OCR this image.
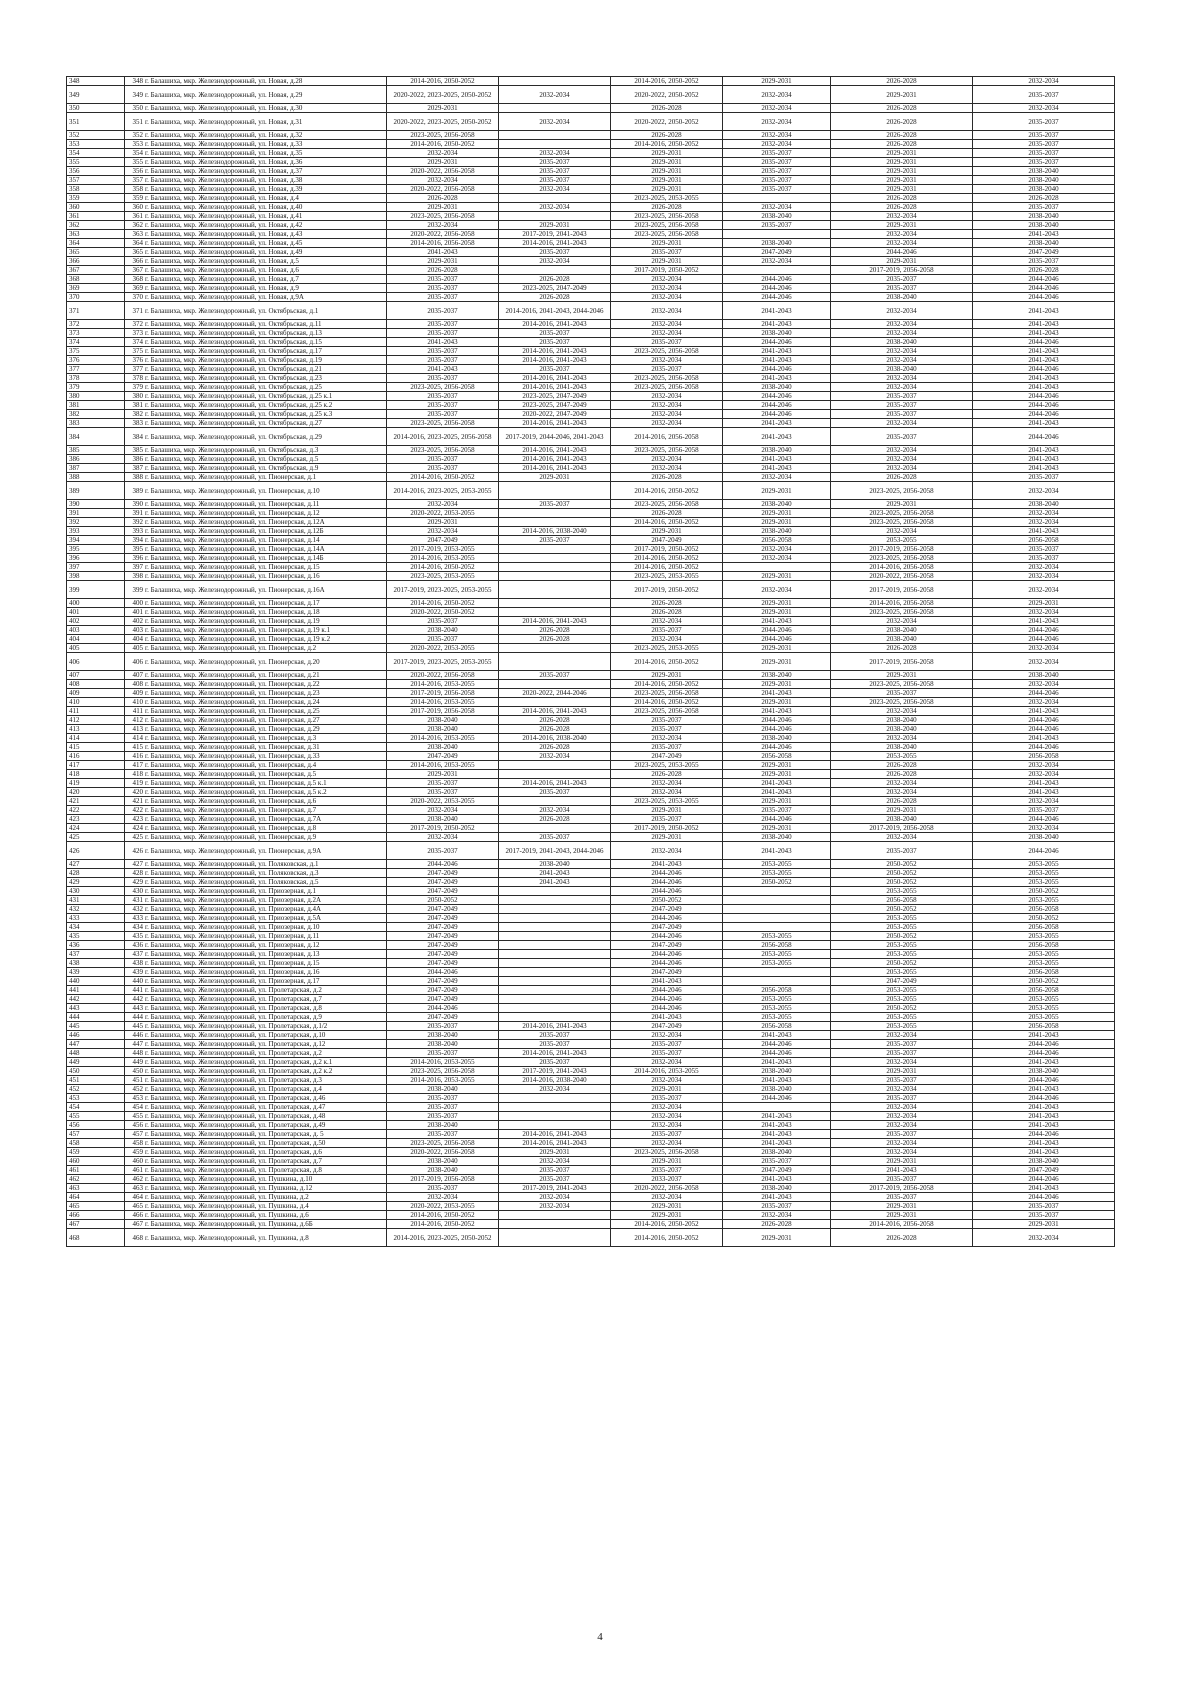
348	348 г. Балашиха, мкр. Железнодорожный, ул. Новая, д.28	2014-2016, 2050-2052		2014-2016, 2050-2052	2029-2031	2026-2028	2032-2034
349	349 г. Балашиха, мкр. Железнодорожный, ул. Новая, д.29	2020-2022, 2023-2025, 2050-2052	2032-2034	2020-2022, 2050-2052	2032-2034	2029-2031	2035-2037
350	350 г. Балашиха, мкр. Железнодорожный, ул. Новая, д.30	2029-2031		2026-2028	2032-2034	2026-2028	2032-2034
351	351 г. Балашиха, мкр. Железнодорожный, ул. Новая, д.31	2020-2022, 2023-2025, 2050-2052	2032-2034	2020-2022, 2050-2052	2032-2034	2026-2028	2035-2037
352	352 г. Балашиха, мкр. Железнодорожный, ул. Новая, д.32	2023-2025, 2056-2058		2026-2028	2032-2034	2026-2028	2035-2037
353	353 г. Балашиха, мкр. Железнодорожный, ул. Новая, д.33	2014-2016, 2050-2052		2014-2016, 2050-2052	2032-2034	2026-2028	2035-2037
354	354 г. Балашиха, мкр. Железнодорожный, ул. Новая, д.35	2032-2034	2032-2034	2029-2031	2035-2037	2029-2031	2035-2037
355	355 г. Балашиха, мкр. Железнодорожный, ул. Новая, д.36	2029-2031	2035-2037	2029-2031	2035-2037	2029-2031	2035-2037
356	356 г. Балашиха, мкр. Железнодорожный, ул. Новая, д.37	2020-2022, 2056-2058	2035-2037	2029-2031	2035-2037	2029-2031	2038-2040
357	357 г. Балашиха, мкр. Железнодорожный, ул. Новая, д.38	2032-2034	2035-2037	2029-2031	2035-2037	2029-2031	2038-2040
358	358 г. Балашиха, мкр. Железнодорожный, ул. Новая, д.39	2020-2022, 2056-2058	2032-2034	2029-2031	2035-2037	2029-2031	2038-2040
359	359 г. Балашиха, мкр. Железнодорожный, ул. Новая, д.4	2026-2028		2023-2025, 2053-2055		2026-2028	2026-2028
360	360 г. Балашиха, мкр. Железнодорожный, ул. Новая, д.40	2029-2031	2032-2034	2026-2028	2032-2034	2026-2028	2035-2037
361	361 г. Балашиха, мкр. Железнодорожный, ул. Новая, д.41	2023-2025, 2056-2058		2023-2025, 2056-2058	2038-2040	2032-2034	2038-2040
362	362 г. Балашиха, мкр. Железнодорожный, ул. Новая, д.42	2032-2034	2029-2031	2023-2025, 2056-2058	2035-2037	2029-2031	2038-2040
363	363 г. Балашиха, мкр. Железнодорожный, ул. Новая, д.43	2020-2022, 2056-2058	2017-2019, 2041-2043	2023-2025, 2056-2058		2032-2034	2041-2043
364	364 г. Балашиха, мкр. Железнодорожный, ул. Новая, д.45	2014-2016, 2056-2058	2014-2016, 2041-2043	2029-2031	2038-2040	2032-2034	2038-2040
365	365 г. Балашиха, мкр. Железнодорожный, ул. Новая, д.49	2041-2043	2035-2037	2035-2037	2047-2049	2044-2046	2047-2049
366	366 г. Балашиха, мкр. Железнодорожный, ул. Новая, д.5	2029-2031	2032-2034	2029-2031	2032-2034	2029-2031	2035-2037
367	367 г. Балашиха, мкр. Железнодорожный, ул. Новая, д.6	2026-2028		2017-2019, 2050-2052		2017-2019, 2056-2058	2026-2028
368	368 г. Балашиха, мкр. Железнодорожный, ул. Новая, д.7	2035-2037	2026-2028	2032-2034	2044-2046	2035-2037	2044-2046
369	369 г. Балашиха, мкр. Железнодорожный, ул. Новая, д.9	2035-2037	2023-2025, 2047-2049	2032-2034	2044-2046	2035-2037	2044-2046
370	370 г. Балашиха, мкр. Железнодорожный, ул. Новая, д.9А	2035-2037	2026-2028	2032-2034	2044-2046	2038-2040	2044-2046
371	371 г. Балашиха, мкр. Железнодорожный, ул. Октябрьская, д.1	2035-2037	2014-2016, 2041-2043, 2044-2046	2032-2034	2041-2043	2032-2034	2041-2043
372	372 г. Балашиха, мкр. Железнодорожный, ул. Октябрьская, д.11	2035-2037	2014-2016, 2041-2043	2032-2034	2041-2043	2032-2034	2041-2043
373	373 г. Балашиха, мкр. Железнодорожный, ул. Октябрьская, д.13	2035-2037	2035-2037	2032-2034	2038-2040	2032-2034	2041-2043
374	374 г. Балашиха, мкр. Железнодорожный, ул. Октябрьская, д.15	2041-2043	2035-2037	2035-2037	2044-2046	2038-2040	2044-2046
375	375 г. Балашиха, мкр. Железнодорожный, ул. Октябрьская, д.17	2035-2037	2014-2016, 2041-2043	2023-2025, 2056-2058	2041-2043	2032-2034	2041-2043
376	376 г. Балашиха, мкр. Железнодорожный, ул. Октябрьская, д.19	2035-2037	2014-2016, 2041-2043	2032-2034	2041-2043	2032-2034	2041-2043
377	377 г. Балашиха, мкр. Железнодорожный, ул. Октябрьская, д.21	2041-2043	2035-2037	2035-2037	2044-2046	2038-2040	2044-2046
378	378 г. Балашиха, мкр. Железнодорожный, ул. Октябрьская, д.23	2035-2037	2014-2016, 2041-2043	2023-2025, 2056-2058	2041-2043	2032-2034	2041-2043
379	379 г. Балашиха, мкр. Железнодорожный, ул. Октябрьская, д.25	2023-2025, 2056-2058	2014-2016, 2041-2043	2023-2025, 2056-2058	2038-2040	2032-2034	2041-2043
380	380 г. Балашиха, мкр. Железнодорожный, ул. Октябрьская, д.25 к.1	2035-2037	2023-2025, 2047-2049	2032-2034	2044-2046	2035-2037	2044-2046
381	381 г. Балашиха, мкр. Железнодорожный, ул. Октябрьская, д.25 к.2	2035-2037	2023-2025, 2047-2049	2032-2034	2044-2046	2035-2037	2044-2046
382	382 г. Балашиха, мкр. Железнодорожный, ул. Октябрьская, д.25 к.3	2035-2037	2020-2022, 2047-2049	2032-2034	2044-2046	2035-2037	2044-2046
383	383 г. Балашиха, мкр. Железнодорожный, ул. Октябрьская, д.27	2023-2025, 2056-2058	2014-2016, 2041-2043	2032-2034	2041-2043	2032-2034	2041-2043
384	384 г. Балашиха, мкр. Железнодорожный, ул. Октябрьская, д.29	2014-2016, 2023-2025, 2056-2058	2017-2019, 2044-2046, 2041-2043	2014-2016, 2056-2058	2041-2043	2035-2037	2044-2046
385	385 г. Балашиха, мкр. Железнодорожный, ул. Октябрьская, д.3	2023-2025, 2056-2058	2014-2016, 2041-2043	2023-2025, 2056-2058	2038-2040	2032-2034	2041-2043
386	386 г. Балашиха, мкр. Железнодорожный, ул. Октябрьская, д.5	2035-2037	2014-2016, 2041-2043	2032-2034	2041-2043	2032-2034	2041-2043
387	387 г. Балашиха, мкр. Железнодорожный, ул. Октябрьская, д.9	2035-2037	2014-2016, 2041-2043	2032-2034	2041-2043	2032-2034	2041-2043
388	388 г. Балашиха, мкр. Железнодорожный, ул. Пионерская, д.1	2014-2016, 2050-2052	2029-2031	2026-2028	2032-2034	2026-2028	2035-2037
389	389 г. Балашиха, мкр. Железнодорожный, ул. Пионерская, д.10	2014-2016, 2023-2025, 2053-2055		2014-2016, 2050-2052	2029-2031	2023-2025, 2056-2058	2032-2034
390	390 г. Балашиха, мкр. Железнодорожный, ул. Пионерская, д.11	2032-2034	2035-2037	2023-2025, 2056-2058	2038-2040	2029-2031	2038-2040
391	391 г. Балашиха, мкр. Железнодорожный, ул. Пионерская, д.12	2020-2022, 2053-2055		2026-2028	2029-2031	2023-2025, 2056-2058	2032-2034
392	392 г. Балашиха, мкр. Железнодорожный, ул. Пионерская, д.12А	2029-2031		2014-2016, 2050-2052	2029-2031	2023-2025, 2056-2058	2032-2034
393	393 г. Балашиха, мкр. Железнодорожный, ул. Пионерская, д.12Б	2032-2034	2014-2016, 2038-2040	2029-2031	2038-2040	2032-2034	2041-2043
394	394 г. Балашиха, мкр. Железнодорожный, ул. Пионерская, д.14	2047-2049	2035-2037	2047-2049	2056-2058	2053-2055	2056-2058
395	395 г. Балашиха, мкр. Железнодорожный, ул. Пионерская, д.14А	2017-2019, 2053-2055		2017-2019, 2050-2052	2032-2034	2017-2019, 2056-2058	2035-2037
396	396 г. Балашиха, мкр. Железнодорожный, ул. Пионерская, д.14Б	2014-2016, 2053-2055		2014-2016, 2050-2052	2032-2034	2023-2025, 2056-2058	2035-2037
397	397 г. Балашиха, мкр. Железнодорожный, ул. Пионерская, д.15	2014-2016, 2050-2052		2014-2016, 2050-2052		2014-2016, 2056-2058	2032-2034
398	398 г. Балашиха, мкр. Железнодорожный, ул. Пионерская, д.16	2023-2025, 2053-2055		2023-2025, 2053-2055	2029-2031	2020-2022, 2056-2058	2032-2034
399	399 г. Балашиха, мкр. Железнодорожный, ул. Пионерская, д.16А	2017-2019, 2023-2025, 2053-2055		2017-2019, 2050-2052	2032-2034	2017-2019, 2056-2058	2032-2034
400	400 г. Балашиха, мкр. Железнодорожный, ул. Пионерская, д.17	2014-2016, 2050-2052		2026-2028	2029-2031	2014-2016, 2056-2058	2029-2031
401	401 г. Балашиха, мкр. Железнодорожный, ул. Пионерская, д.18	2020-2022, 2050-2052		2026-2028	2029-2031	2023-2025, 2056-2058	2032-2034
402	402 г. Балашиха, мкр. Железнодорожный, ул. Пионерская, д.19	2035-2037	2014-2016, 2041-2043	2032-2034	2041-2043	2032-2034	2041-2043
403	403 г. Балашиха, мкр. Железнодорожный, ул. Пионерская, д.19 к.1	2038-2040	2026-2028	2035-2037	2044-2046	2038-2040	2044-2046
404	404 г. Балашиха, мкр. Железнодорожный, ул. Пионерская, д.19 к.2	2035-2037	2026-2028	2032-2034	2044-2046	2038-2040	2044-2046
405	405 г. Балашиха, мкр. Железнодорожный, ул. Пионерская, д.2	2020-2022, 2053-2055		2023-2025, 2053-2055	2029-2031	2026-2028	2032-2034
406	406 г. Балашиха, мкр. Железнодорожный, ул. Пионерская, д.20	2017-2019, 2023-2025, 2053-2055		2014-2016, 2050-2052	2029-2031	2017-2019, 2056-2058	2032-2034
407	407 г. Балашиха, мкр. Железнодорожный, ул. Пионерская, д.21	2020-2022, 2056-2058	2035-2037	2029-2031	2038-2040	2029-2031	2038-2040
408	408 г. Балашиха, мкр. Железнодорожный, ул. Пионерская, д.22	2014-2016, 2053-2055		2014-2016, 2050-2052	2029-2031	2023-2025, 2056-2058	2032-2034
409	409 г. Балашиха, мкр. Железнодорожный, ул. Пионерская, д.23	2017-2019, 2056-2058	2020-2022, 2044-2046	2023-2025, 2056-2058	2041-2043	2035-2037	2044-2046
410	410 г. Балашиха, мкр. Железнодорожный, ул. Пионерская, д.24	2014-2016, 2053-2055		2014-2016, 2050-2052	2029-2031	2023-2025, 2056-2058	2032-2034
411	411 г. Балашиха, мкр. Железнодорожный, ул. Пионерская, д.25	2017-2019, 2056-2058	2014-2016, 2041-2043	2023-2025, 2056-2058	2041-2043	2032-2034	2041-2043
412	412 г. Балашиха, мкр. Железнодорожный, ул. Пионерская, д.27	2038-2040	2026-2028	2035-2037	2044-2046	2038-2040	2044-2046
413	413 г. Балашиха, мкр. Железнодорожный, ул. Пионерская, д.29	2038-2040	2026-2028	2035-2037	2044-2046	2038-2040	2044-2046
414	414 г. Балашиха, мкр. Железнодорожный, ул. Пионерская, д.3	2014-2016, 2053-2055	2014-2016, 2038-2040	2032-2034	2038-2040	2032-2034	2041-2043
415	415 г. Балашиха, мкр. Железнодорожный, ул. Пионерская, д.31	2038-2040	2026-2028	2035-2037	2044-2046	2038-2040	2044-2046
416	416 г. Балашиха, мкр. Железнодорожный, ул. Пионерская, д.33	2047-2049	2032-2034	2047-2049	2056-2058	2053-2055	2056-2058
417	417 г. Балашиха, мкр. Железнодорожный, ул. Пионерская, д.4	2014-2016, 2053-2055		2023-2025, 2053-2055	2029-2031	2026-2028	2032-2034
418	418 г. Балашиха, мкр. Железнодорожный, ул. Пионерская, д.5	2029-2031		2026-2028	2029-2031	2026-2028	2032-2034
419	419 г. Балашиха, мкр. Железнодорожный, ул. Пионерская, д.5 к.1	2035-2037	2014-2016, 2041-2043	2032-2034	2041-2043	2032-2034	2041-2043
420	420 г. Балашиха, мкр. Железнодорожный, ул. Пионерская, д.5 к.2	2035-2037	2035-2037	2032-2034	2041-2043	2032-2034	2041-2043
421	421 г. Балашиха, мкр. Железнодорожный, ул. Пионерская, д.6	2020-2022, 2053-2055		2023-2025, 2053-2055	2029-2031	2026-2028	2032-2034
422	422 г. Балашиха, мкр. Железнодорожный, ул. Пионерская, д.7	2032-2034	2032-2034	2029-2031	2035-2037	2029-2031	2035-2037
423	423 г. Балашиха, мкр. Железнодорожный, ул. Пионерская, д.7А	2038-2040	2026-2028	2035-2037	2044-2046	2038-2040	2044-2046
424	424 г. Балашиха, мкр. Железнодорожный, ул. Пионерская, д.8	2017-2019, 2050-2052		2017-2019, 2050-2052	2029-2031	2017-2019, 2056-2058	2032-2034
425	425 г. Балашиха, мкр. Железнодорожный, ул. Пионерская, д.9	2032-2034	2035-2037	2029-2031	2038-2040	2032-2034	2038-2040
426	426 г. Балашиха, мкр. Железнодорожный, ул. Пионерская, д.9А	2035-2037	2017-2019, 2041-2043, 2044-2046	2032-2034	2041-2043	2035-2037	2044-2046
427	427 г. Балашиха, мкр. Железнодорожный, ул. Поляковская, д.1	2044-2046	2038-2040	2041-2043	2053-2055	2050-2052	2053-2055
428	428 г. Балашиха, мкр. Железнодорожный, ул. Поляковская, д.3	2047-2049	2041-2043	2044-2046	2053-2055	2050-2052	2053-2055
429	429 г. Балашиха, мкр. Железнодорожный, ул. Поляковская, д.5	2047-2049	2041-2043	2044-2046	2050-2052	2050-2052	2053-2055
430	430 г. Балашиха, мкр. Железнодорожный, ул. Приозерная, д.1	2047-2049		2044-2046		2053-2055	2050-2052
431	431 г. Балашиха, мкр. Железнодорожный, ул. Приозерная, д.2А	2050-2052		2050-2052		2056-2058	2053-2055
432	432 г. Балашиха, мкр. Железнодорожный, ул. Приозерная, д.4А	2047-2049		2047-2049		2050-2052	2056-2058
433	433 г. Балашиха, мкр. Железнодорожный, ул. Приозерная, д.5А	2047-2049		2044-2046		2053-2055	2050-2052
434	434 г. Балашиха, мкр. Железнодорожный, ул. Приозерная, д.10	2047-2049		2047-2049		2053-2055	2056-2058
435	435 г. Балашиха, мкр. Железнодорожный, ул. Приозерная, д.11	2047-2049		2044-2046	2053-2055	2050-2052	2053-2055
436	436 г. Балашиха, мкр. Железнодорожный, ул. Приозерная, д.12	2047-2049		2047-2049	2056-2058	2053-2055	2056-2058
437	437 г. Балашиха, мкр. Железнодорожный, ул. Приозерная, д.13	2047-2049		2044-2046	2053-2055	2053-2055	2053-2055
438	438 г. Балашиха, мкр. Железнодорожный, ул. Приозерная, д.15	2047-2049		2044-2046	2053-2055	2050-2052	2053-2055
439	439 г. Балашиха, мкр. Железнодорожный, ул. Приозерная, д.16	2044-2046		2047-2049		2053-2055	2056-2058
440	440 г. Балашиха, мкр. Железнодорожный, ул. Приозерная, д.17	2047-2049		2041-2043		2047-2049	2050-2052
441	441 г. Балашиха, мкр. Железнодорожный, ул. Пролетарская, д.2	2047-2049		2044-2046	2056-2058	2053-2055	2056-2058
442	442 г. Балашиха, мкр. Железнодорожный, ул. Пролетарская, д.7	2047-2049		2044-2046	2053-2055	2053-2055	2053-2055
443	443 г. Балашиха, мкр. Железнодорожный, ул. Пролетарская, д.8	2044-2046		2044-2046	2053-2055	2050-2052	2053-2055
444	444 г. Балашиха, мкр. Железнодорожный, ул. Пролетарская, д.9	2047-2049		2041-2043	2053-2055	2053-2055	2053-2055
445	445 г. Балашиха, мкр. Железнодорожный, ул. Пролетарская, д.1/2	2035-2037	2014-2016, 2041-2043	2047-2049	2056-2058	2053-2055	2056-2058
446	446 г. Балашиха, мкр. Железнодорожный, ул. Пролетарская, д.10	2038-2040	2035-2037	2032-2034	2041-2043	2032-2034	2041-2043
447	447 г. Балашиха, мкр. Железнодорожный, ул. Пролетарская, д.12	2038-2040	2035-2037	2035-2037	2044-2046	2035-2037	2044-2046
448	448 г. Балашиха, мкр. Железнодорожный, ул. Пролетарская, д.2	2035-2037	2014-2016, 2041-2043	2035-2037	2044-2046	2035-2037	2044-2046
449	449 г. Балашиха, мкр. Железнодорожный, ул. Пролетарская, д.2 к.1	2014-2016, 2053-2055	2035-2037	2032-2034	2041-2043	2032-2034	2041-2043
450	450 г. Балашиха, мкр. Железнодорожный, ул. Пролетарская, д.2 к.2	2023-2025, 2056-2058	2017-2019, 2041-2043	2014-2016, 2053-2055	2038-2040	2029-2031	2038-2040
451	451 г. Балашиха, мкр. Железнодорожный, ул. Пролетарская, д.3	2014-2016, 2053-2055	2014-2016, 2038-2040	2032-2034	2041-2043	2035-2037	2044-2046
452	452 г. Балашиха, мкр. Железнодорожный, ул. Пролетарская, д.4	2038-2040	2032-2034	2029-2031	2038-2040	2032-2034	2041-2043
453	453 г. Балашиха, мкр. Железнодорожный, ул. Пролетарская, д.46	2035-2037		2035-2037	2044-2046	2035-2037	2044-2046
454	454 г. Балашиха, мкр. Железнодорожный, ул. Пролетарская, д.47	2035-2037		2032-2034		2032-2034	2041-2043
455	455 г. Балашиха, мкр. Железнодорожный, ул. Пролетарская, д.48	2035-2037		2032-2034	2041-2043	2032-2034	2041-2043
456	456 г. Балашиха, мкр. Железнодорожный, ул. Пролетарская, д.49	2038-2040		2032-2034	2041-2043	2032-2034	2041-2043
457	457 г. Балашиха, мкр. Железнодорожный, ул. Пролетарская, д. 5	2035-2037	2014-2016, 2041-2043	2035-2037	2041-2043	2035-2037	2044-2046
458	458 г. Балашиха, мкр. Железнодорожный, ул. Пролетарская, д.50	2023-2025, 2056-2058	2014-2016, 2041-2043	2032-2034	2041-2043	2032-2034	2041-2043
459	459 г. Балашиха, мкр. Железнодорожный, ул. Пролетарская, д.6	2020-2022, 2056-2058	2029-2031	2023-2025, 2056-2058	2038-2040	2032-2034	2041-2043
460	460 г. Балашиха, мкр. Железнодорожный, ул. Пролетарская, д.7	2038-2040	2032-2034	2029-2031	2035-2037	2029-2031	2038-2040
461	461 г. Балашиха, мкр. Железнодорожный, ул. Пролетарская, д.8	2038-2040	2035-2037	2035-2037	2047-2049	2041-2043	2047-2049
462	462 г. Балашиха, мкр. Железнодорожный, ул. Пушкина, д.10	2017-2019, 2056-2058	2035-2037	2033-2037	2041-2043	2035-2037	2044-2046
463	463 г. Балашиха, мкр. Железнодорожный, ул. Пушкина, д.12	2035-2037	2017-2019, 2041-2043	2020-2022, 2056-2058	2038-2040	2017-2019, 2056-2058	2041-2043
464	464 г. Балашиха, мкр. Железнодорожный, ул. Пушкина, д.2	2032-2034	2032-2034	2032-2034	2041-2043	2035-2037	2044-2046
465	465 г. Балашиха, мкр. Железнодорожный, ул. Пушкина, д.4	2020-2022, 2053-2055	2032-2034	2029-2031	2035-2037	2029-2031	2035-2037
466	466 г. Балашиха, мкр. Железнодорожный, ул. Пушкина, д.6	2014-2016, 2050-2052		2029-2031	2032-2034	2029-2031	2035-2037
467	467 г. Балашиха, мкр. Железнодорожный, ул. Пушкина, д.6Б	2014-2016, 2050-2052		2014-2016, 2050-2052	2026-2028	2014-2016, 2056-2058	2029-2031
468	468 г. Балашиха, мкр. Железнодорожный, ул. Пушкина, д.8	2014-2016, 2023-2025, 2050-2052		2014-2016, 2050-2052	2029-2031	2026-2028	2032-2034
4
